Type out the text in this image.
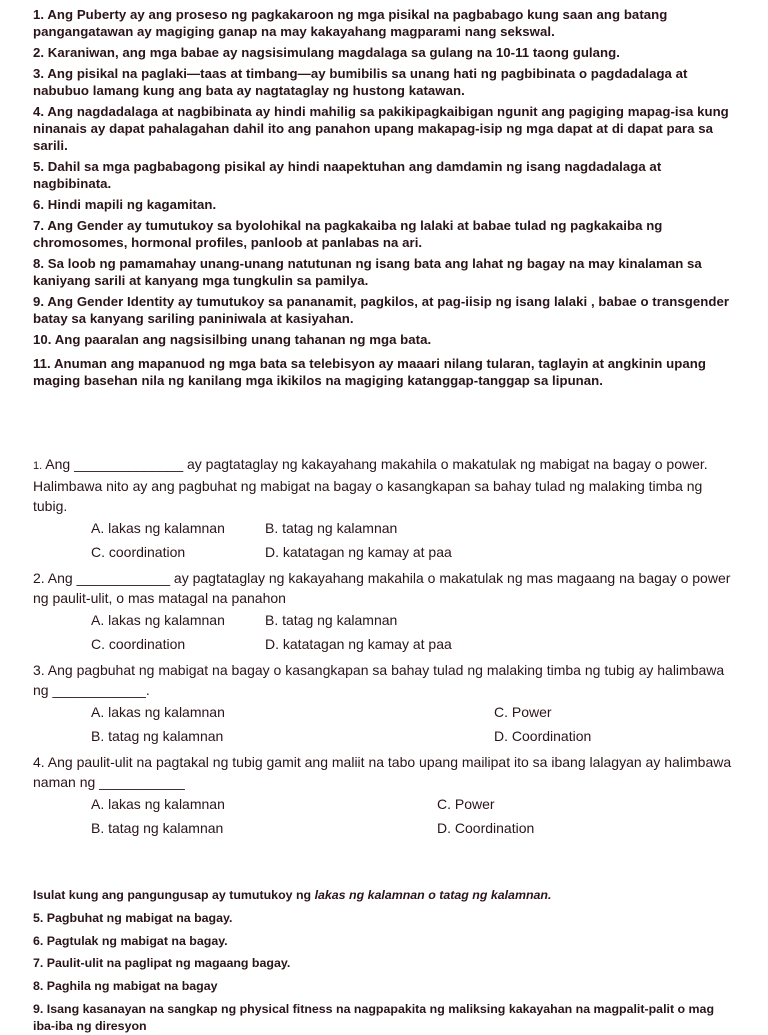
1. Ang Puberty ay ang proseso ng pagkakaroon ng mga pisikal na pagbabago kung saan ang batang pangangatawan ay magiging ganap na may kakayahang magparami nang sekswal.

2. Karaniwan, ang mga babae ay nagsisimulang magdalaga sa gulang na 10-11 taong gulang.

3. Ang pisikal na paglaki—taas at timbang—ay bumibilis sa unang hati ng pagbibinata o pagdadalaga at nabubuo lamang kung ang bata ay nagtataglay ng hustong katawan.

4. Ang nagdadalaga at nagbibinata ay hindi mahilig sa pakikipagkaibigan ngunit ang pagiging mapag-isa kung ninanais ay dapat pahalagahan dahil ito ang panahon upang makapag-isip ng mga dapat at di dapat para sa sarili.

5. Dahil sa mga pagbabagong pisikal ay hindi naapektuhan ang damdamin ng isang nagdadalaga at nagbibinata.

6. Hindi mapili ng kagamitan.

7. Ang Gender ay tumutukoy sa byolohikal na pagkakaiba ng lalaki at babae tulad ng pagkakaiba ng chromosomes, hormonal profiles, panloob at panlabas na ari.

8. Sa loob ng pamamahay unang-unang natutunan ng isang bata ang lahat ng bagay na may kinalaman sa kaniyang sarili at kanyang mga tungkulin sa pamilya.

9. Ang Gender Identity ay tumutukoy sa pananamit, pagkilos, at pag-iisip ng isang lalaki , babae o transgender batay sa kanyang sariling paniniwala at kasiyahan.

10. Ang paaralan ang nagsisilbing unang tahanan ng mga bata.

11. Anuman ang mapanuod ng mga bata sa telebisyon ay maaari nilang tularan, taglayin at angkinin upang maging basehan nila ng kanilang mga ikikilos na magiging katanggap-tanggap sa lipunan.

1. Ang ______________ ay pagtataglay ng kakayahang makahila o makatulak ng mabigat na bagay o power. Halimbawa nito ay ang pagbuhat ng mabigat na bagay o kasangkapan sa bahay tulad ng malaking timba ng tubig.

A. lakas ng kalamnan	B. tatag ng kalamnan
C. coordination	D. katatagan ng kamay at paa

2. Ang ____________ ay pagtataglay ng kakayahang makahila o makatulak ng mas magaang na bagay o power ng paulit-ulit, o mas matagal na panahon

A. lakas ng kalamnan	B. tatag ng kalamnan
C. coordination	D. katatagan ng kamay at paa

3. Ang pagbuhat ng mabigat na bagay o kasangkapan sa bahay tulad ng malaking timba ng tubig ay halimbawa ng ____________.

A. lakas ng kalamnan	C. Power
B. tatag ng kalamnan	D. Coordination

4. Ang paulit-ulit na pagtakal ng tubig gamit ang maliit na tabo upang mailipat ito sa ibang lalagyan ay halimbawa naman ng ___________

A. lakas ng kalamnan	C. Power
B. tatag ng kalamnan	D. Coordination

Isulat kung ang pangungusap ay tumutukoy ng lakas ng kalamnan o tatag ng kalamnan.

5. Pagbuhat ng mabigat na bagay.

6. Pagtulak ng mabigat na bagay.

7. Paulit-ulit na paglipat ng magaang bagay.

8. Paghila ng mabigat na bagay

9. Isang kasanayan na sangkap ng physical fitness na nagpapakita ng maliksing kakayahan na magpalit-palit o mag iba-iba ng diresyon
